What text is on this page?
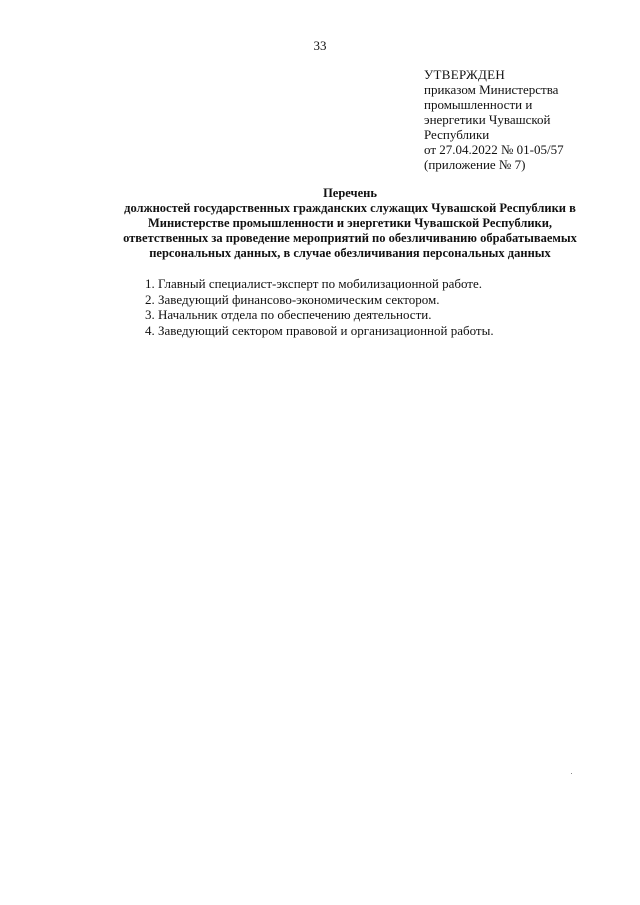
33
УТВЕРЖДЕН
приказом Министерства
промышленности и
энергетики Чувашской
Республики
от 27.04.2022 № 01-05/57
(приложение № 7)
Перечень
должностей государственных гражданских служащих Чувашской Республики в
Министерстве промышленности и энергетики Чувашской Республики,
ответственных за проведение мероприятий по обезличиванию обрабатываемых
персональных данных, в случае обезличивания персональных данных
1. Главный специалист-эксперт по мобилизационной работе.
2. Заведующий финансово-экономическим сектором.
3. Начальник отдела по обеспечению деятельности.
4. Заведующий сектором правовой и организационной работы.
